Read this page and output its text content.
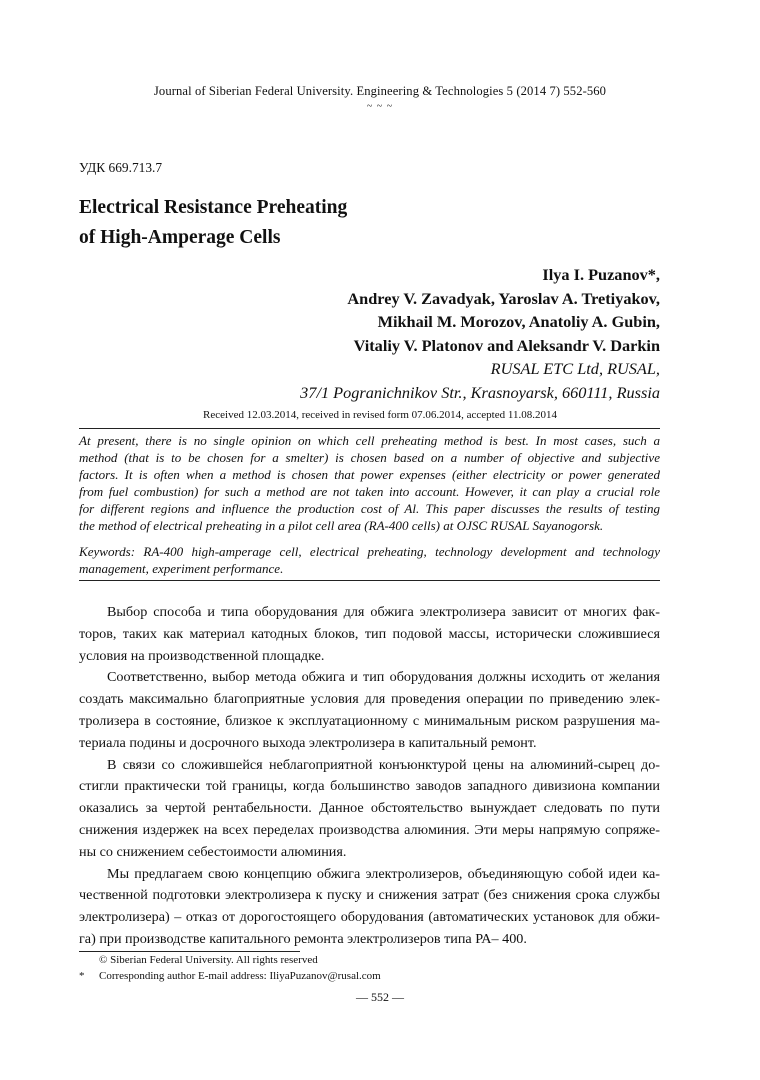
Journal of Siberian Federal University. Engineering & Technologies 5 (2014 7) 552-560
~ ~ ~
УДК 669.713.7
Electrical Resistance Preheating
of High-Amperage Cells
Ilya I. Puzanov*,
Andrey V. Zavadyak, Yaroslav A. Tretiyakov,
Mikhail M. Morozov, Anatoliy A. Gubin,
Vitaliy V. Platonov and Aleksandr V. Darkin
RUSAL ETC Ltd, RUSAL,
37/1 Pogranichnikov Str., Krasnoyarsk, 660111, Russia
Received 12.03.2014, received in revised form 07.06.2014, accepted 11.08.2014
At present, there is no single opinion on which cell preheating method is best. In most cases, such a
method (that is to be chosen for a smelter) is chosen based on a number of objective and subjective
factors. It is often when a method is chosen that power expenses (either electricity or power generated
from fuel combustion) for such a method are not taken into account. However, it can play a crucial role
for different regions and influence the production cost of Al. This paper discusses the results of testing
the method of electrical preheating in a pilot cell area (RA-400 cells) at OJSC RUSAL Sayanogorsk.
Keywords: RA-400 high-amperage cell, electrical preheating, technology development and technology
management, experiment performance.
Выбор способа и типа оборудования для обжига электролизера зависит от многих фак-
торов, таких как материал катодных блоков, тип подовой массы, исторически сложившиеся
условия на производственной площадке.
Соответственно, выбор метода обжига и тип оборудования должны исходить от желания
создать максимально благоприятные условия для проведения операции по приведению элек-
тролизера в состояние, близкое к эксплуатационному с минимальным риском разрушения ма-
териала подины и досрочного выхода электролизера в капитальный ремонт.
В связи со сложившейся неблагоприятной конъюнктурой цены на алюминий-сырец до-
стигли практически той границы, когда большинство заводов западного дивизиона компании
оказались за чертой рентабельности. Данное обстоятельство вынуждает следовать по пути
снижения издержек на всех переделах производства алюминия. Эти меры напрямую сопряже-
ны со снижением себестоимости алюминия.
Мы предлагаем свою концепцию обжига электролизеров, объединяющую собой идеи ка-
чественной подготовки электролизера к пуску и снижения затрат (без снижения срока службы
электролизера) – отказ от дорогостоящего оборудования (автоматических установок для обжи-
га) при производстве капитального ремонта электролизеров типа РА– 400.
© Siberian Federal University. All rights reserved
* Corresponding author E-mail address: IliyaPuzanov@rusal.com
— 552 —
